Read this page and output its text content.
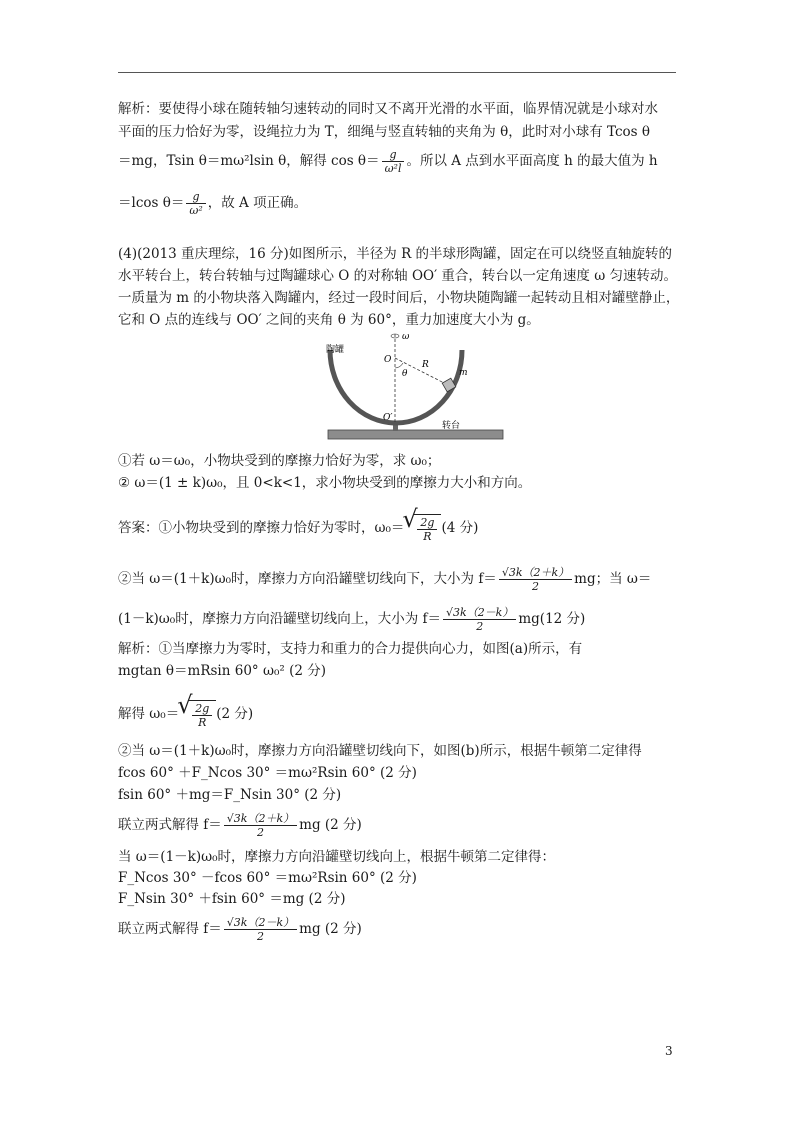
解析：要使得小球在随转轴匀速转动的同时又不离开光滑的水平面，临界情况就是小球对水
平面的压力恰好为零，设绳拉力为 T，细绳与竖直转轴的夹角为 θ，此时对小球有 Tcos θ
＝mg，Tsin θ＝mω²lsin θ，解得 $\cos \theta= \frac{g}{\text{ω²l}}$ 。所以 A 点到水平面高度 h 的最大值为 h
＝lcos $\theta= \frac{g}{\text{ω²}}$ ，故 A 项正确。
(4)(2013 重庆理综，16 分)如图所示，半径为 R 的半球形陶罐，固定在可以绕竖直轴旋转的
水平转台上，转台转轴与过陶罐球心 O 的对称轴 OO′ 重合，转台以一定角速度 ω 匀速转动。
一质量为 m 的小物块落入陶罐内，经过一段时间后，小物块随陶罐一起转动且相对罐壁静止，
它和 O 点的连线与 OO′ 之间的夹角 θ 为 60°，重力加速度大小为 g。
陶罐
转台
O
O′
ω
θ
R
m
①若 ω＝ω₀，小物块受到的摩擦力恰好为零，求 ω₀；
② ω＝(1 ± k)ω₀，且 0<k<1，求小物块受到的摩擦力大小和方向。
答案：①小物块受到的摩擦力恰好为零时，ω₀＝ √ $\frac{2g}{R} (4$ 分)
②当 ω＝(1＋k)ω₀时，摩擦力方向沿罐壁切线向下，大小为 $f= \frac{√3k(2+k)}{2}$ mg；当 ω＝
(1－k)ω₀时，摩擦力方向沿罐壁切线向上，大小为 $f= \frac{√3k(2-k)}{2} mg(12$ 分)
解析：①当摩擦力为零时，支持力和重力的合力提供向心力，如图(a)所示，有
mgtan θ＝mRsin 60° ω₀² (2 分)
解得 ω₀＝ √ $\frac{2g}{R} (2$ 分)
②当 ω＝(1＋k)ω₀时，摩擦力方向沿罐壁切线向下，如图(b)所示，根据牛顿第二定律得
fcos 60° ＋F_Ncos 30° ＝mω²Rsin 60° (2 分)
fsin 60° ＋mg＝F_Nsin 30° (2 分)
联立两式解得 $f= \frac{√3k(2+k)}{2}$ mg (2 分)
当 ω＝(1－k)ω₀时，摩擦力方向沿罐壁切线向上，根据牛顿第二定律得：
F_Ncos 30° －fcos 60° ＝mω²Rsin 60° (2 分)
F_Nsin 30° ＋fsin 60° ＝mg (2 分)
联立两式解得 $f= \frac{√3k(2-k)}{2}$ mg (2 分)
3
